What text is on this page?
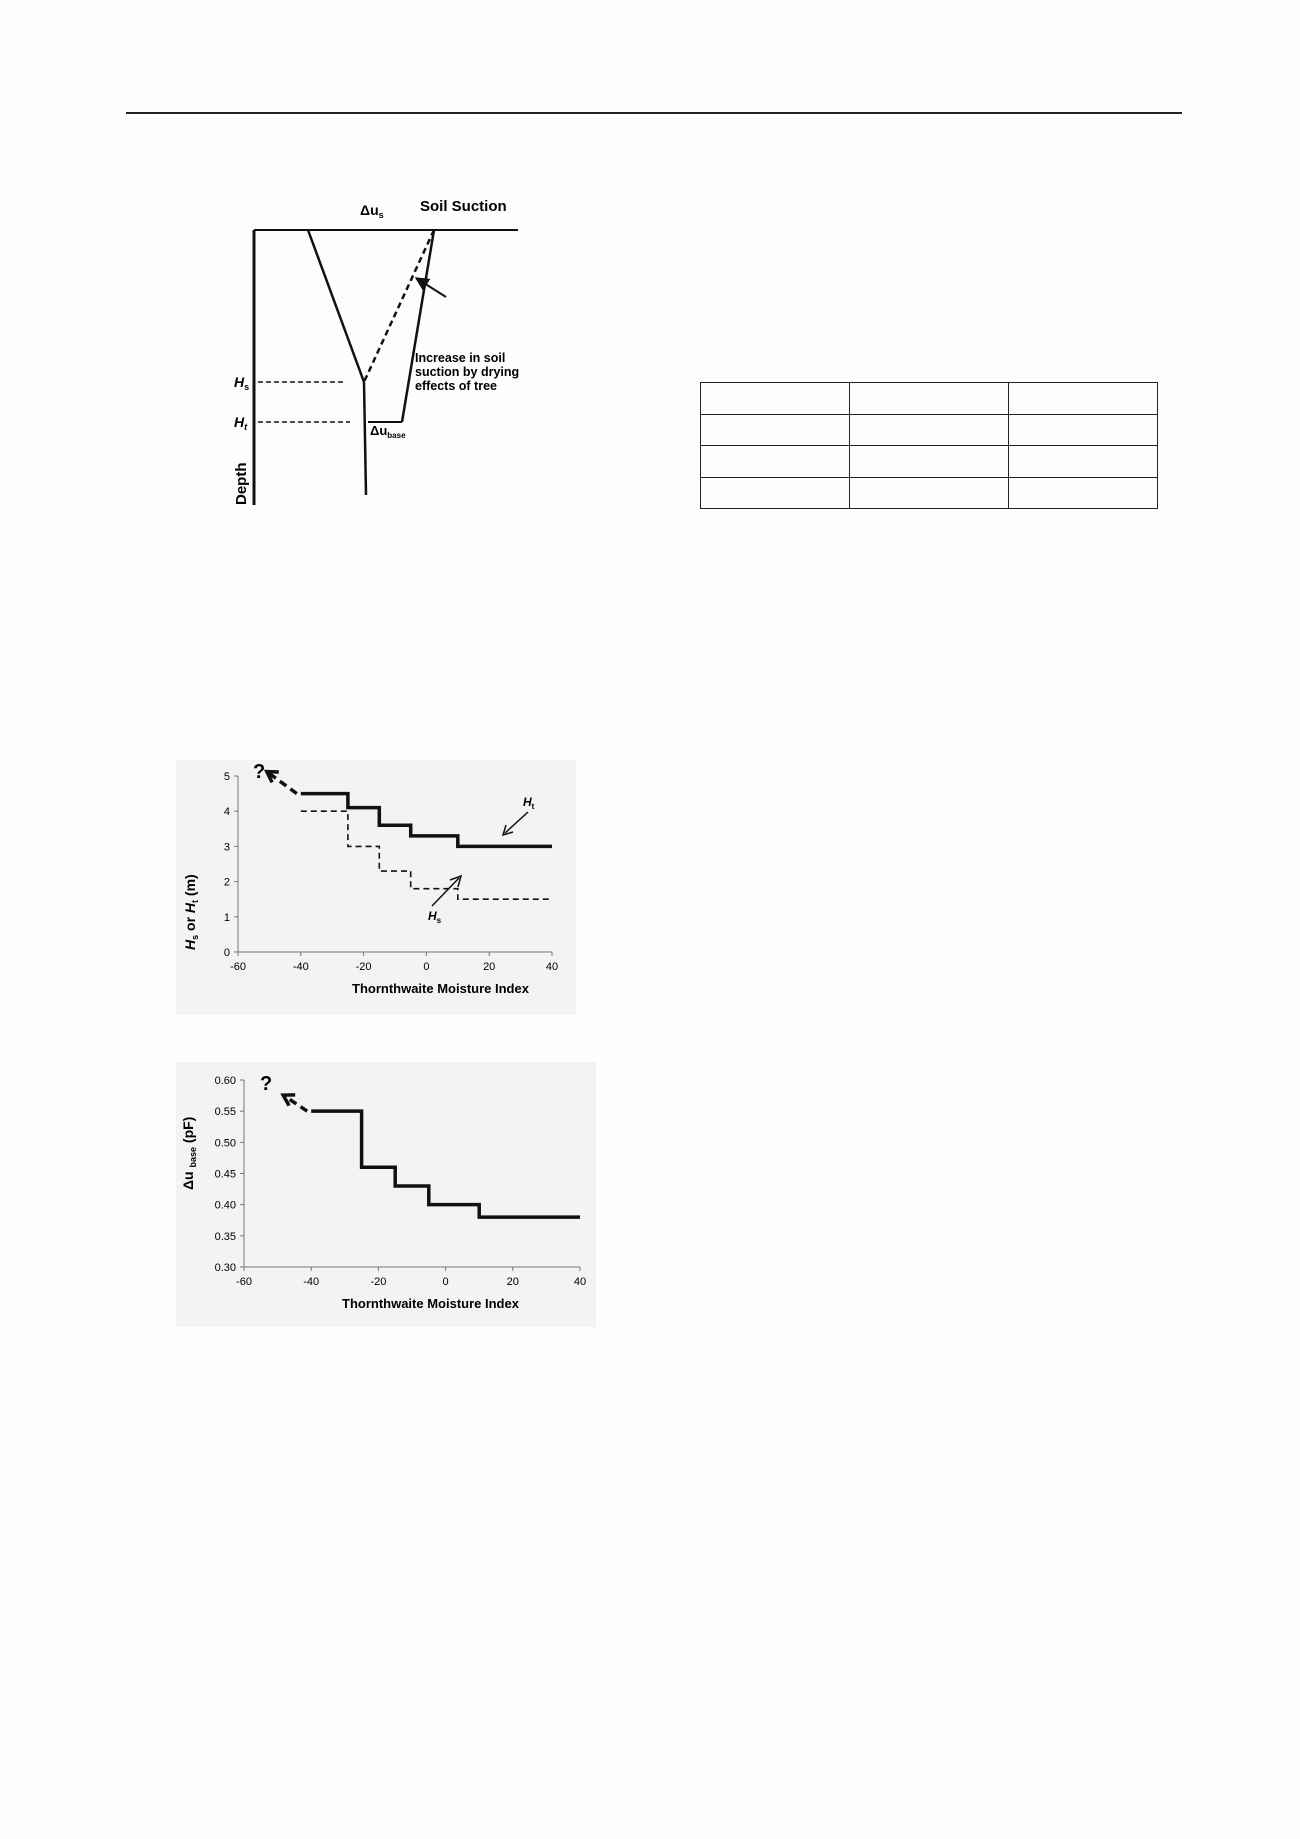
$\Delta u_s$ Soil Suction
Increase in soil
suction by drying
effects of tree
$H_s$
$H_t$	$\Delta u_{base}$
Depth

-60	-40	-20	0	20	40
0
1
2
3
4
5
$H_s$ or $H_t$ (m)
Thornthwaite Moisture Index
?
$H_t$
$H_s$
-60	-40	-20	0	20	40
0.30
0.35
0.40
0.45
0.50
0.55
0.60
Δu $_{base}$ (pF)
Thornthwaite Moisture Index
?
